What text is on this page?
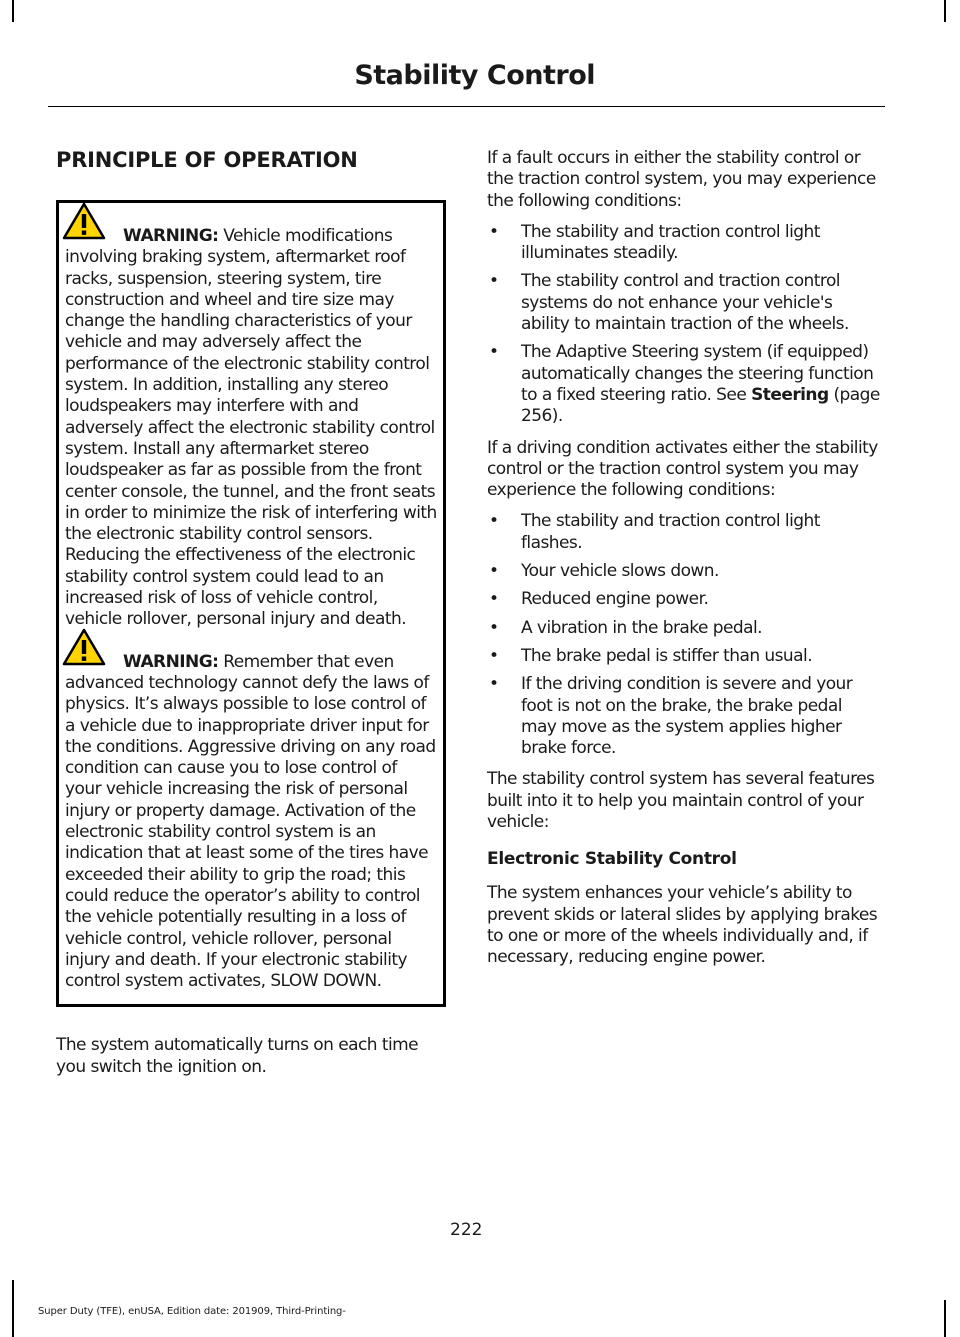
Stability Control
PRINCIPLE OF OPERATION

WARNING: Vehicle modifications involving braking system, aftermarket roof racks, suspension, steering system, tire construction and wheel and tire size may change the handling characteristics of your vehicle and may adversely affect the performance of the electronic stability control system. In addition, installing any stereo loudspeakers may interfere with and adversely affect the electronic stability control system. Install any aftermarket stereo loudspeaker as far as possible from the front center console, the tunnel, and the front seats in order to minimize the risk of interfering with the electronic stability control sensors. Reducing the effectiveness of the electronic stability control system could lead to an increased risk of loss of vehicle control, vehicle rollover, personal injury and death.

WARNING: Remember that even advanced technology cannot defy the laws of physics. It’s always possible to lose control of a vehicle due to inappropriate driver input for the conditions. Aggressive driving on any road condition can cause you to lose control of your vehicle increasing the risk of personal injury or property damage. Activation of the electronic stability control system is an indication that at least some of the tires have exceeded their ability to grip the road; this could reduce the operator’s ability to control the vehicle potentially resulting in a loss of vehicle control, vehicle rollover, personal injury and death. If your electronic stability control system activates, SLOW DOWN.

The system automatically turns on each time you switch the ignition on.

If a fault occurs in either the stability control or the traction control system, you may experience the following conditions:

• The stability and traction control light illuminates steadily.
• The stability control and traction control systems do not enhance your vehicle's ability to maintain traction of the wheels.
• The Adaptive Steering system (if equipped) automatically changes the steering function to a fixed steering ratio. See Steering (page 256).

If a driving condition activates either the stability control or the traction control system you may experience the following conditions:

• The stability and traction control light flashes.
• Your vehicle slows down.
• Reduced engine power.
• A vibration in the brake pedal.
• The brake pedal is stiffer than usual.
• If the driving condition is severe and your foot is not on the brake, the brake pedal may move as the system applies higher brake force.

The stability control system has several features built into it to help you maintain control of your vehicle:

Electronic Stability Control

The system enhances your vehicle’s ability to prevent skids or lateral slides by applying brakes to one or more of the wheels individually and, if necessary, reducing engine power.

222
Super Duty (TFE), enUSA, Edition date: 201909, Third-Printing-
